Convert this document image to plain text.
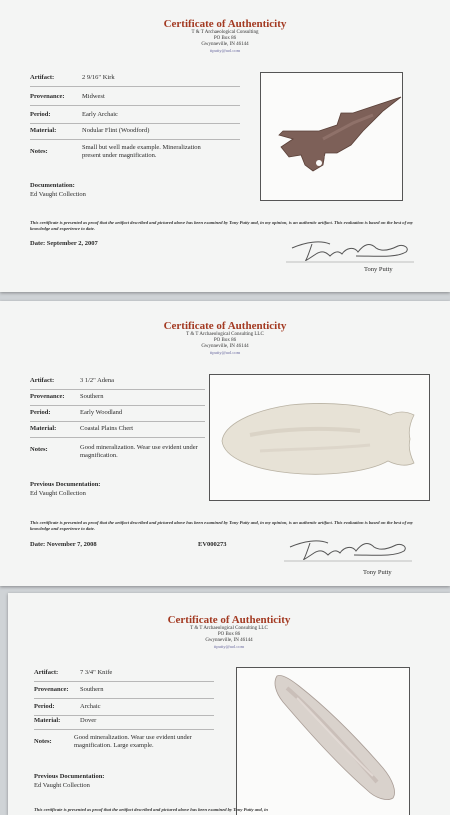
Certificate of Authenticity
T & T Archaeological Consulting
PO Box 86
Gwynneville, IN 46144
ttputty@aol.com
Artifact:	2 9/16" Kirk
Provenance:	Midwest
Period:	Early Archaic
Material:	Nodular Flint (Woodford)
Notes:
Small but well made example. Mineralization present under magnification.
Documentation:
Ed Vaught Collection
This certificate is presented as proof that the artifact described and pictured above has been examined by Tony Putty and, in my opinion, is an authentic artifact. This evaluation is based on the best of my knowledge and experience to date.
Date: September 2, 2007
Tony Putty
Certificate of Authenticity
T & T Archaeological Consulting LLC
PO Box 86
Gwynneville, IN 46144
ttputty@aol.com
Artifact:	3 1/2" Adena
Provenance: Southern
Period:	Early Woodland
Material:	Coastal Plains Chert
Notes:	Good mineralization. Wear use evident under magnification.
Previous Documentation:
Ed Vaught Collection
This certificate is presented as proof that the artifact described and pictured above has been examined by Tony Putty and, in my opinion, is an authentic artifact. This evaluation is based on the best of my knowledge and experience to date.
Date: November 7, 2008	EV000273
Tony Putty
Certificate of Authenticity
T & T Archaeological Consulting LLC
PO Box 86
Gwynneville, IN 46144
ttputty@aol.com
Artifact:	7 3/4" Knife
Provenance: Southern
Period:	Archaic
Material:	Dover
Notes:
Good mineralization. Wear use evident under magnification. Large example.
Previous Documentation:
Ed Vaught Collection
This certificate is presented as proof that the artifact described and pictured above has been examined by Tony Putty and, in
